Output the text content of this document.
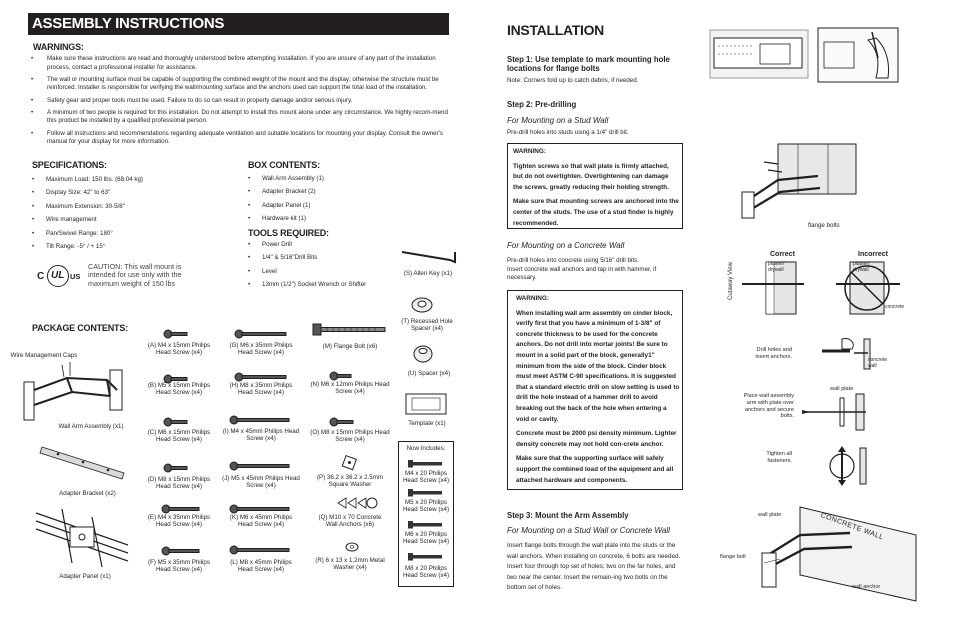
ASSEMBLY INSTRUCTIONS
WARNINGS:
• Make sure these instructions are read and thoroughly understood before attempting installation. If you are unsure of any part of the installation process, contact a professional installer for assistance.
• The wall or mounting surface must be capable of supporting the combined weight of the mount and the display; otherwise the structure must be reinforced. Installer is responsible for verifying the wall/mounting surface and the anchors used can support the total load of the installation.
• Safety gear and proper tools must be used. Failure to do so can result in property damage and/or serious injury.
• A minimum of two people is required for this installation. Do not attempt to install this mount alone under any circumstance. We highly recom-mend this product be installed by a qualified professional person.
• Follow all instructions and recommendations regarding adequate ventilation and suitable locations for mounting your display. Consult the owner's manual for your display for more information.
SPECIFICATIONS:
• Maximum Load: 150 lbs. (68.04 kg)
• Display Size: 42" to 63"
• Maximum Extension: 30-5/8"
• Wire management
• Pan/Swivel Range: 180°
• Tilt Range: -5° / + 15°
BOX CONTENTS:
• Wall Arm Assembly (1)
• Adapter Bracket (2)
• Adapter Panel (1)
• Hardware kit (1)
TOOLS REQUIRED:
• Power Drill
• 1/4" & 5/16"Drill Bits
• Level
• 13mm (1/2") Socket Wrench or Shifter
C UL US
CAUTION: This wall mount is intended for use only with the maximum weight of 150 lbs
(S) Allen Key (x1)
PACKAGE CONTENTS:
Wire Management Caps
Wall Arm Assembly (x1)
Adapter Bracket (x2)
Adapter Panel (x1)
(A) M4 x 15mm Philips Head Screw (x4)
(B) M5 x 15mm Philips Head Screw (x4)
(C) M6 x 15mm Philips Head Screw (x4)
(D) M8 x 15mm Philips Head Screw (x4)
(E) M4 x 35mm Philips Head Screw (x4)
(F) M5 x 35mm Philips Head Screw (x4)
(G) M6 x 35mm Philips Head Screw (x4)
(H) M8 x 35mm Philips Head Screw (x4)
(I) M4 x 45mm Philips Head Screw (x4)
(J) M5 x 45mm Philips Head Screw (x4)
(K) M6 x 45mm Philips Head Screw (x4)
(L) M8 x 45mm Philips Head Screw (x4)
(M) Flange Bolt (x6)
(N) M6 x 12mm Philips Head Screw (x4)
(O) M8 x 15mm Philips Head Screw (x4)
(P) 36.2 x 36.2 x 2.5mm Square Washer
(Q) M10 x 70 Concrete Wall Anchors (x6)
(R) 6 x 13 x 1.2mm Metal Washer (x4)
(T) Recessed Hole Spacer (x4)
(U) Spacer (x4)
Template (x1)
Now Includes:
M4 x 20 Philips Head Screw (x4)
M5 x 20 Philips Head Screw (x4)
M6 x 20 Philips Head Screw (x4)
M8 x 20 Philips Head Screw (x4)
INSTALLATION
Step 1: Use template to mark mounting hole locations for flange bolts
Note: Corners fold up to catch debris, if needed.
Step 2: Pre-drilling
For Mounting on a Stud Wall
Pre-drill holes into studs using a 1/4" drill bit.

WARNING:

Tighten screws so that wall plate is firmly attached, but do not overtighten. Overtightening can damage the screws, greatly reducing their holding strength.

Make sure that mounting screws are anchored into the center of the studs. The use of a stud finder is highly recommended.

For Mounting on a Concrete Wall
Pre-drill holes into concrete using 5/16" drill bits.
Insert concrete wall anchors and tap in with hammer, if necessary.

WARNING:

When installing wall arm assembly on cinder block, verify first that you have a minimum of 1-3/8" of concrete thickness to be used for the concrete anchors. Do not drill into mortar joints! Be sure to mount in a solid part of the block, generally1" minimum from the side of the block. Cinder block must meet ASTM C-90 specifications. It is suggested that a standard electric drill on slow setting is used to drill the hole instead of a hammer drill to avoid breaking out the back of the hole when entering a void or cavity.

Concrete must be 2000 psi density minimum. Lighter density concrete may not hold con-crete anchor.

Make sure that the supporting surface will safely support the combined load of the equipment and all attached hardware and components.

Step 3: Mount the Arm Assembly
For Mounting on a Stud Wall or Concrete Wall
Insert flange bolts through the wall plate into the studs or the wall anchors. When installing on concrete, 6 bolts are needed. Insert four through top set of holes; two on the far holes, and two near the center. Insert the remain-ing two bolts on the bottom set of holes.
flange bolts
Correct	Incorrect
Cutaway View	plaster/ drywall
plaster/ drywall
concrete
Drill holes and insert anchors.
concrete wall
wall plate
Place wall assembly arm with plate over anchors and secure bolts.
Tighten all fasteners.
wall plate	CONCRETE WALL
flange bolt
wall anchor
